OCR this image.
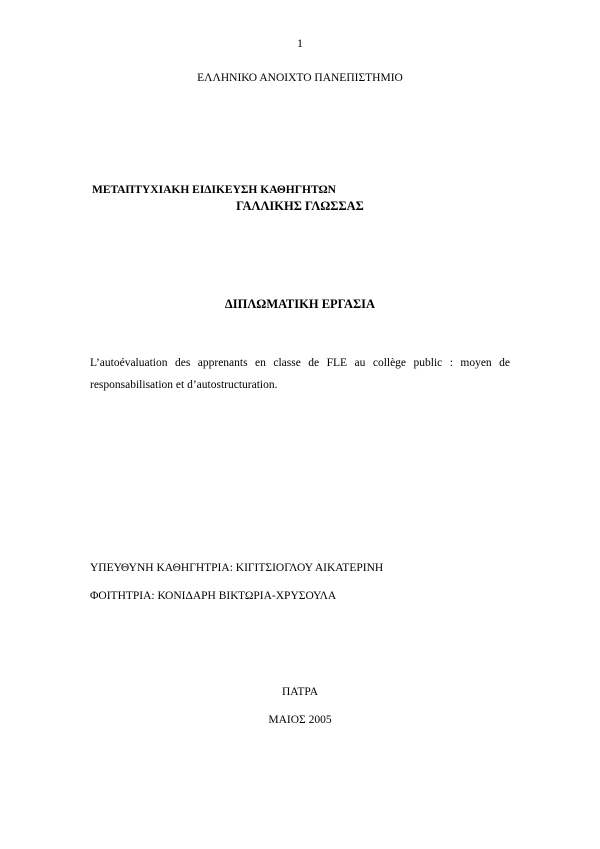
1
ΕΛΛΗΝΙΚΟ ΑΝΟΙΧΤΟ ΠΑΝΕΠΙΣΤΗΜΙΟ
ΜΕΤΑΠΤΥΧΙΑΚΗ ΕΙΔΙΚΕΥΣΗ ΚΑΘΗΓΗΤΩΝ
ΓΑΛΛΙΚΗΣ ΓΛΩΣΣΑΣ
ΔΙΠΛΩΜΑΤΙΚΗ ΕΡΓΑΣΙΑ
L’autoévaluation des apprenants en classe de FLE au collège public : moyen de responsabilisation et d’autostructuration.
ΥΠΕΥΘΥΝΗ ΚΑΘΗΓΗΤΡΙΑ: ΚΙΓΙΤΣΙΟΓΛΟΥ ΑΙΚΑΤΕΡΙΝΗ
ΦΟΙΤΗΤΡΙΑ: ΚΟΝΙΔΑΡΗ ΒΙΚΤΩΡΙΑ-ΧΡΥΣΟΥΛΑ
ΠΑΤΡΑ
ΜΑΙΟΣ 2005
